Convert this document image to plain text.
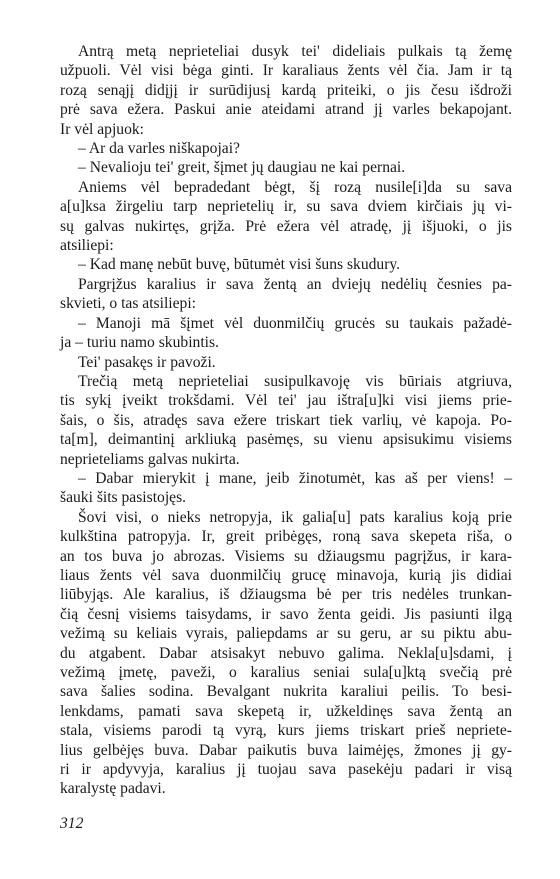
Antrą metą neprieteliai dusyk tei' dideliais pulkais tą žemę
užpuoli. Vėl visi bėga ginti. Ir karaliaus žents vėl čia. Jam ir tą
rozą senąjį didįjį ir surūdijusį kardą priteiki, o jis česu išdroži
prė sava ežera. Paskui anie ateidami atrand jį varles bekapojant.
Ir vėl apjuok:
– Ar da varles niškapojai?
– Nevalioju tei' greit, šįmet jų daugiau ne kai pernai.
Aniems vėl bepradedant bėgt, šį rozą nusile[i]da su sava
a[u]ksa žirgeliu tarp neprietelių ir, su sava dviem kirčiais jų vi-
sų galvas nukirtęs, grįža. Prė ežera vėl atradę, jį išjuoki, o jis
atsiliepi:
– Kad manę nebūt buvę, būtumėt visi šuns skudury.
Pargrįžus karalius ir sava žentą an dviejų nedėlių česnies pa-
skvieti, o tas atsiliepi:
– Manoji mā šįmet vėl duonmilčių grucės su taukais pažadė-
ja – turiu namo skubintis.
Tei' pasakęs ir pavoži.
Trečią metą neprieteliai susipulkavoję vis būriais atgriuva,
tis sykį įveikt trokšdami. Vėl tei' jau ištra[u]ki visi jiems prie-
šais, o šis, atradęs sava ežere triskart tiek varlių, vė kapoja. Po-
ta[m], deimantinį arkliuką pasėmęs, su vienu apsisukimu visiems
neprieteliams galvas nukirta.
– Dabar mierykit į mane, jeib žinotumėt, kas aš per viens! –
šauki šits pasistojęs.
Šovi visi, o nieks netropyja, ik galia[u] pats karalius koją prie
kulkština patropyja. Ir, greit pribėgęs, roną sava skepeta riša, o
an tos buva jo abrozas. Visiems su džiaugsmu pagrįžus, ir kara-
liaus žents vėl sava duonmilčių grucę minavoja, kurią jis didiai
liūbyjąs. Ale karalius, iš džiaugsma bė per tris nedėles trunkan-
čią česnį visiems taisydams, ir savo ženta geidi. Jis pasiunti ilgą
vežimą su keliais vyrais, paliepdams ar su geru, ar su piktu abu-
du atgabent. Dabar atsisakyt nebuvo galima. Nekla[u]sdami, į
vežimą įmetę, paveži, o karalius seniai sula[u]ktą svečią prė
sava šalies sodina. Bevalgant nukrita karaliui peilis. To besi-
lenkdams, pamati sava skepetą ir, užkeldinęs sava žentą an
stala, visiems parodi tą vyrą, kurs jiems triskart prieš nepriete-
lius gelbėjęs buva. Dabar paikutis buva laimėjęs, žmones jį gy-
ri ir apdyvyja, karalius jį tuojau sava pasekėju padari ir visą
karalystę padavi.
312
